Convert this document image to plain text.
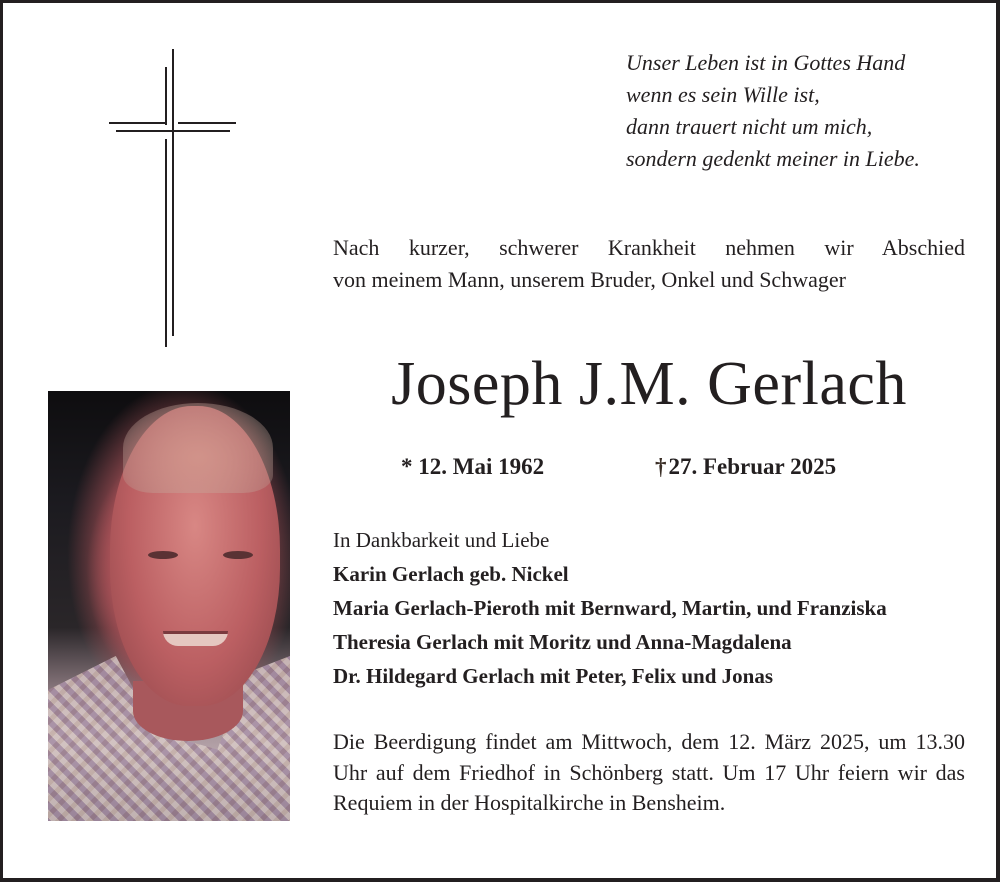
Unser Leben ist in Gottes Hand
wenn es sein Wille ist,
dann trauert nicht um mich,
sondern gedenkt meiner in Liebe.
Nach kurzer, schwerer Krankheit nehmen wir Abschied
von meinem Mann, unserem Bruder, Onkel und Schwager
Joseph J.M. Gerlach
* 12. Mai 1962	†27. Februar 2025
In Dankbarkeit und Liebe
Karin Gerlach geb. Nickel
Maria Gerlach-Pieroth mit Bernward, Martin, und Franziska
Theresia Gerlach mit Moritz und Anna-Magdalena
Dr. Hildegard Gerlach mit Peter, Felix und Jonas
Die Beerdigung findet am Mittwoch, dem 12. März 2025, um 13.30 Uhr auf dem Friedhof in Schönberg statt. Um 17 Uhr feiern wir das Requiem in der Hospitalkirche in Bensheim.
